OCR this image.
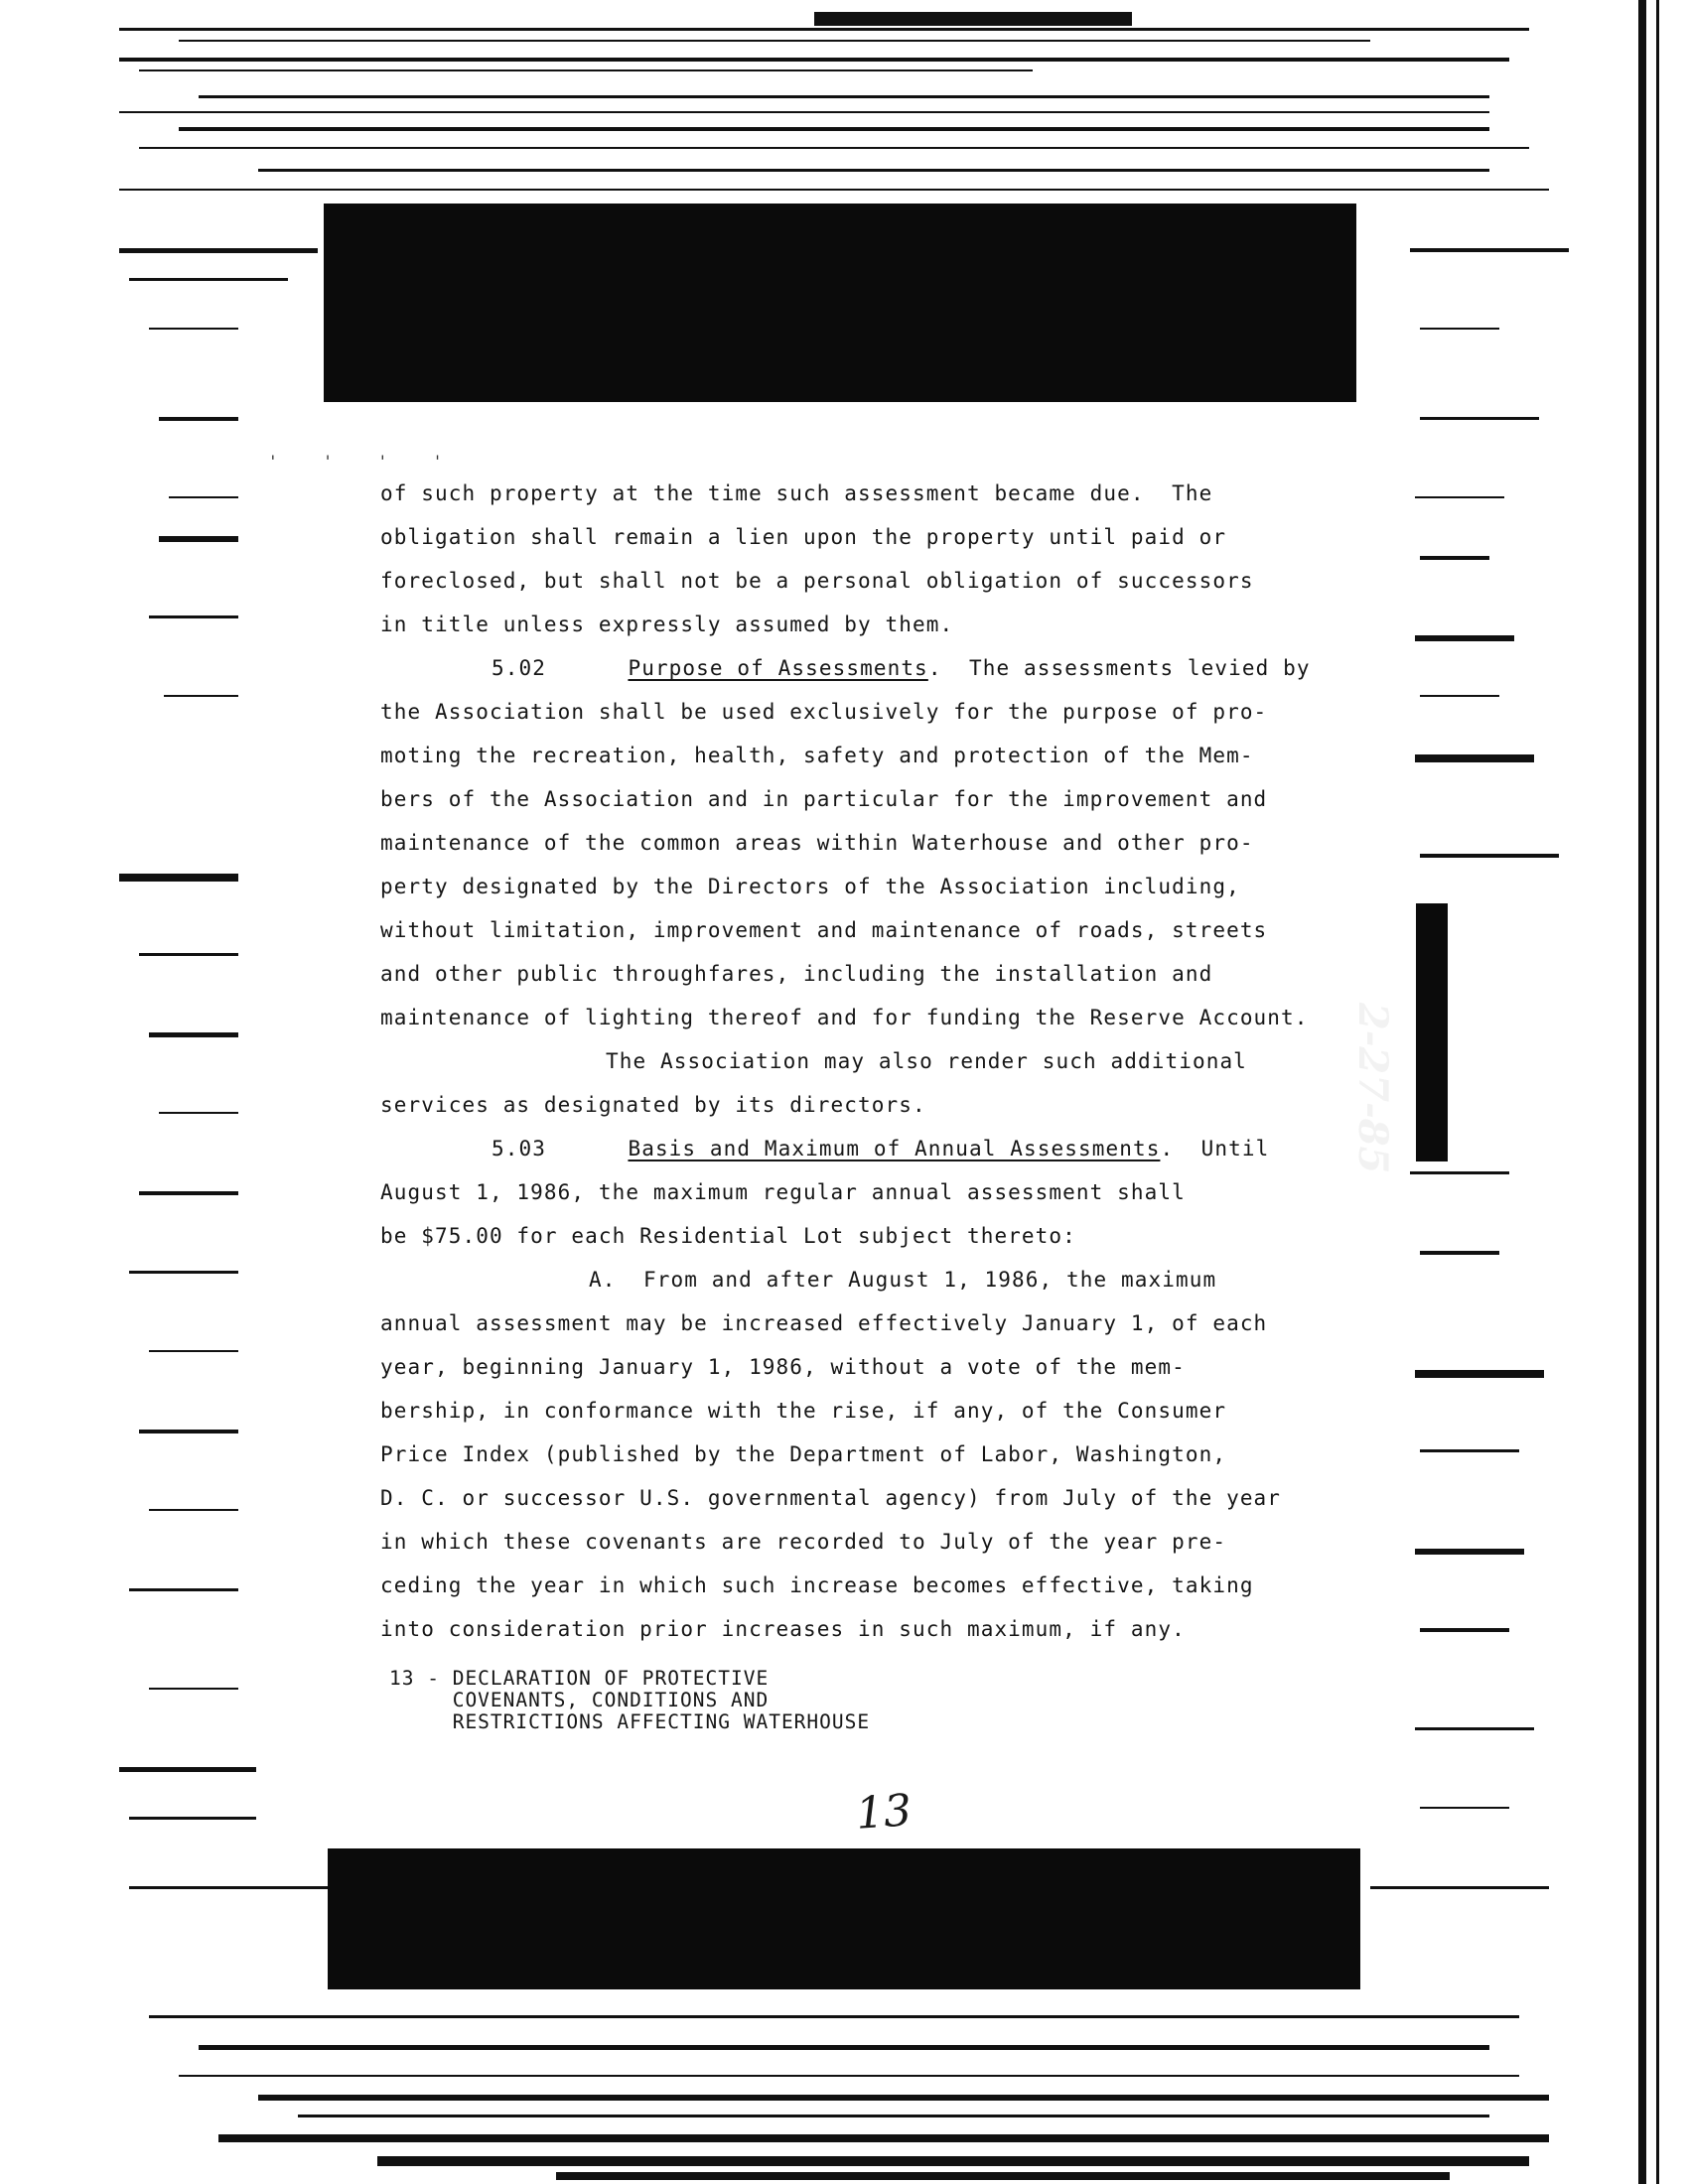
' ' ' '
of such property at the time such assessment became due.  The
obligation shall remain a lien upon the property until paid or
foreclosed, but shall not be a personal obligation of successors
in title unless expressly assumed by them.
5.02	Purpose of Assessments.  The assessments levied by
the Association shall be used exclusively for the purpose of pro-
moting the recreation, health, safety and protection of the Mem-
bers of the Association and in particular for the improvement and
maintenance of the common areas within Waterhouse and other pro-
perty designated by the Directors of the Association including,
without limitation, improvement and maintenance of roads, streets
and other public throughfares, including the installation and
maintenance of lighting thereof and for funding the Reserve Account.
The Association may also render such additional
services as designated by its directors.
5.03	Basis and Maximum of Annual Assessments.  Until
August 1, 1986, the maximum regular annual assessment shall
be $75.00 for each Residential Lot subject thereto:
A.  From and after August 1, 1986, the maximum
annual assessment may be increased effectively January 1, of each
year, beginning January 1, 1986, without a vote of the mem-
bership, in conformance with the rise, if any, of the Consumer
Price Index (published by the Department of Labor, Washington,
D. C. or successor U.S. governmental agency) from July of the year
in which these covenants are recorded to July of the year pre-
ceding the year in which such increase becomes effective, taking
into consideration prior increases in such maximum, if any.
13 - DECLARATION OF PROTECTIVE
COVENANTS, CONDITIONS AND
RESTRICTIONS AFFECTING WATERHOUSE
13
2-27-85
